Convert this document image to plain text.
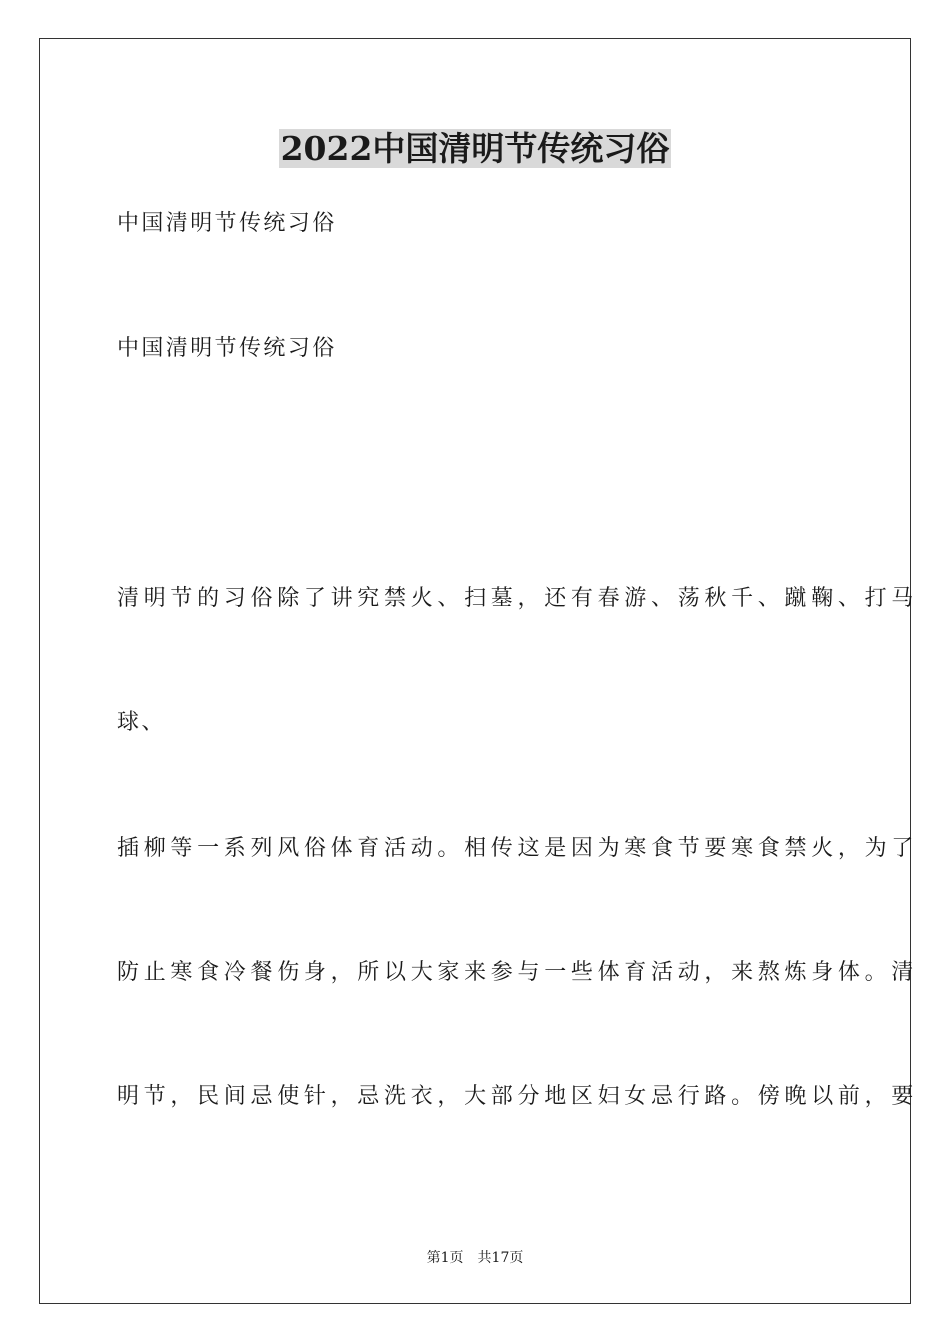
2022中国清明节传统习俗

中国清明节传统习俗

中国清明节传统习俗

清明节的习俗除了讲究禁火、扫墓，还有春游、荡秋千、蹴鞠、打马

球、

插柳等一系列风俗体育活动。相传这是因为寒食节要寒食禁火，为了

防止寒食冷餐伤身，所以大家来参与一些体育活动，来熬炼身体。清

明节，民间忌使针，忌洗衣，大部分地区妇女忌行路。傍晚以前，要

第1页 共17页
